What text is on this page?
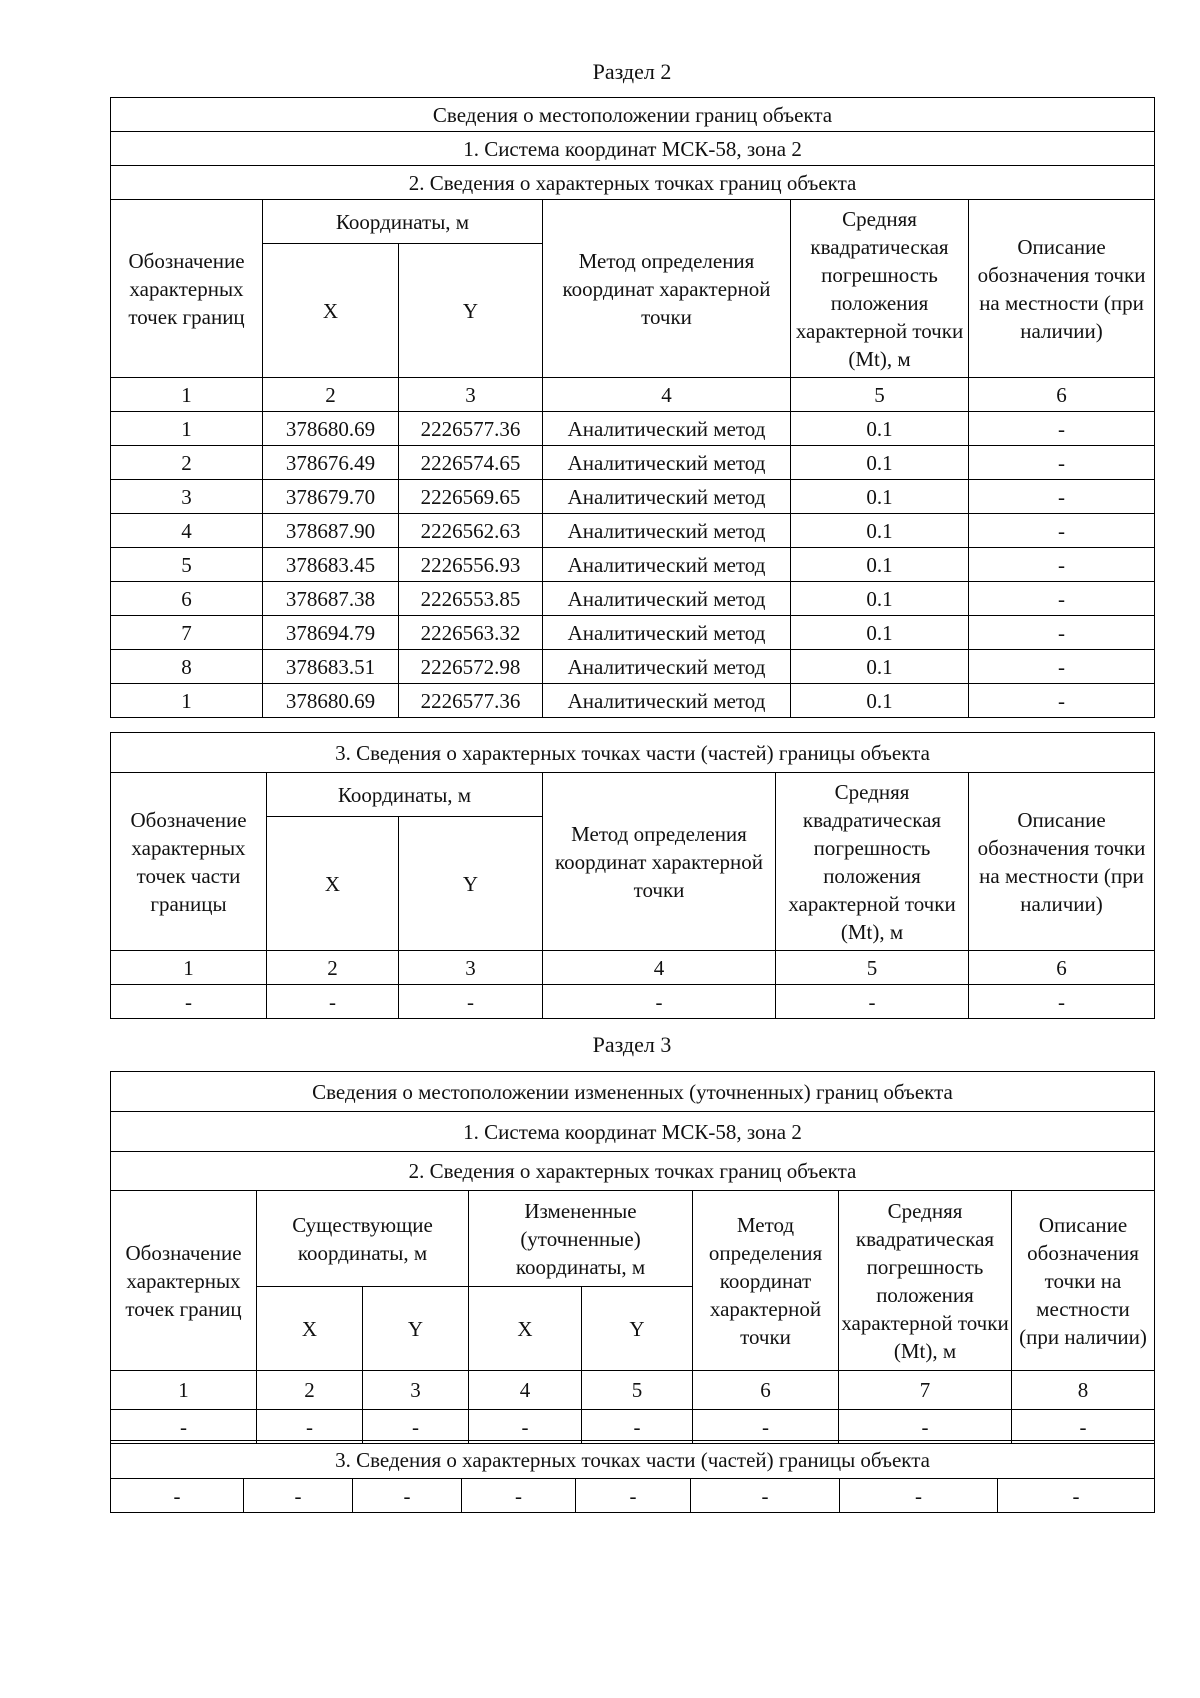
Раздел 2
Сведения о местоположении границ объекта					
1. Система координат МСК-58, зона 2					
2. Сведения о характерных точках границ объекта					
Обозначение характерных точек границ	Координаты, м		Метод определения координат характерной точки	Средняя квадратическая погрешность положения характерной точки (Mt), м	Описание обозначения точки на местности (при наличии)
	X	Y			
1	2	3	4	5	6
1	378680.69	2226577.36	Аналитический метод	0.1	-
2	378676.49	2226574.65	Аналитический метод	0.1	-
3	378679.70	2226569.65	Аналитический метод	0.1	-
4	378687.90	2226562.63	Аналитический метод	0.1	-
5	378683.45	2226556.93	Аналитический метод	0.1	-
6	378687.38	2226553.85	Аналитический метод	0.1	-
7	378694.79	2226563.32	Аналитический метод	0.1	-
8	378683.51	2226572.98	Аналитический метод	0.1	-
1	378680.69	2226577.36	Аналитический метод	0.1	-
3. Сведения о характерных точках части (частей) границы объекта					
Обозначение характерных точек части границы	Координаты, м		Метод определения координат характерной точки	Средняя квадратическая погрешность положения характерной точки (Mt), м	Описание обозначения точки на местности (при наличии)
	X	Y			
1	2	3	4	5	6
-	-	-	-	-	-
Раздел 3
Сведения о местоположении измененных (уточненных) границ объекта							
1. Система координат МСК-58, зона 2							
2. Сведения о характерных точках границ объекта							
Обозначение характерных точек границ	Существующие координаты, м		Измененные (уточненные) координаты, м		Метод определения координат характерной точки	Средняя квадратическая погрешность положения характерной точки (Mt), м	Описание обозначения точки на местности (при наличии)
	X	Y	X	Y			
1	2	3	4	5	6	7	8
-	-	-	-	-	-	-	-
3. Сведения о характерных точках части (частей) границы объекта
-	-	-	-	-	-	-	-
